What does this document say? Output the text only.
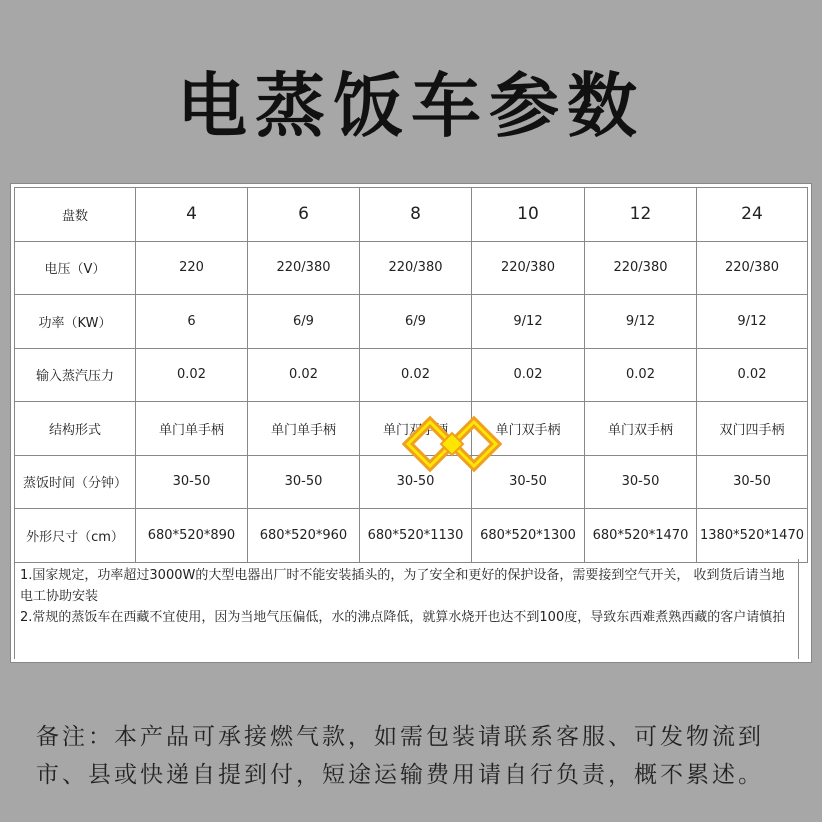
电蒸饭车参数
盘数	4	6	8	10	12	24
电压（V）	220	220/380	220/380	220/380	220/380	220/380
功率（KW）	6	6/9	6/9	9/12	9/12	9/12
输入蒸汽压力	0.02	0.02	0.02	0.02	0.02	0.02
结构形式	单门单手柄	单门单手柄	单门双手柄	单门双手柄	单门双手柄	双门四手柄
蒸饭时间（分钟）	30-50	30-50	30-50	30-50	30-50	30-50
外形尺寸（cm）	680*520*890	680*520*960	680*520*1130	680*520*1300	680*520*1470	1380*520*1470
1.国家规定，功率超过3000W的大型电器出厂时不能安装插头的，为了安全和更好的保护设备，需要接到空气开关， 收到货后请当地电工协助安装
2.常规的蒸饭车在西藏不宜使用，因为当地气压偏低，水的沸点降低，就算水烧开也达不到100度，导致东西难煮熟西藏的客户请慎拍
备注：本产品可承接燃气款，如需包装请联系客服、可发物流到市、县或快递自提到付，短途运输费用请自行负责，概不累述。
